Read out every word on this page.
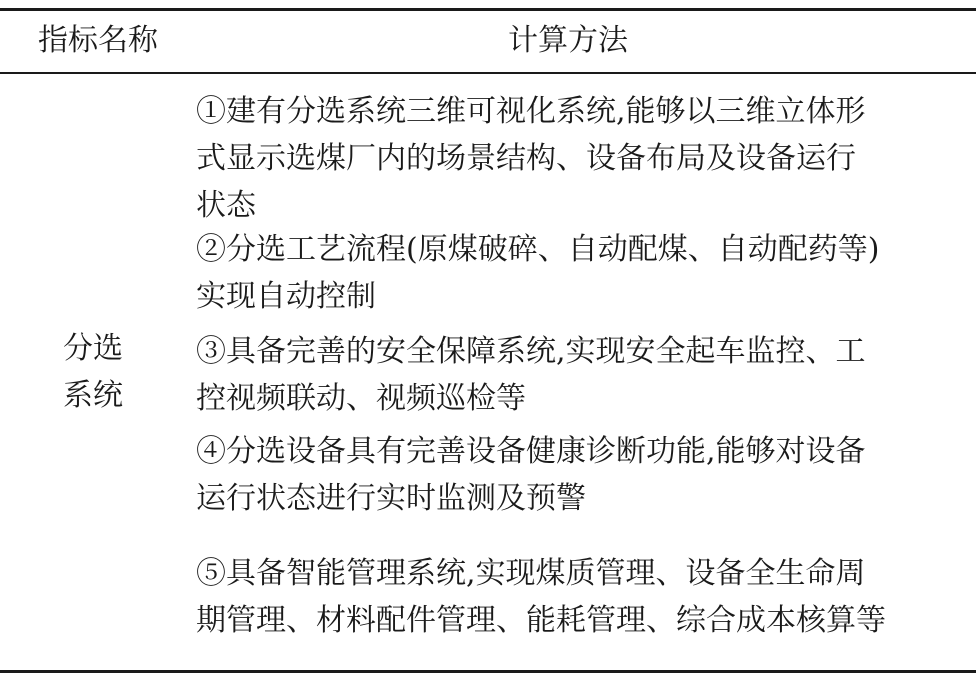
指标名称	计算方法
分选
系统
①建有分选系统三维可视化系统,能够以三维立体形
式显示选煤厂内的场景结构、设备布局及设备运行
状态
②分选工艺流程(原煤破碎、自动配煤、自动配药等)
实现自动控制
③具备完善的安全保障系统,实现安全起车监控、工
控视频联动、视频巡检等
④分选设备具有完善设备健康诊断功能,能够对设备
运行状态进行实时监测及预警
⑤具备智能管理系统,实现煤质管理、设备全生命周
期管理、材料配件管理、能耗管理、综合成本核算等
